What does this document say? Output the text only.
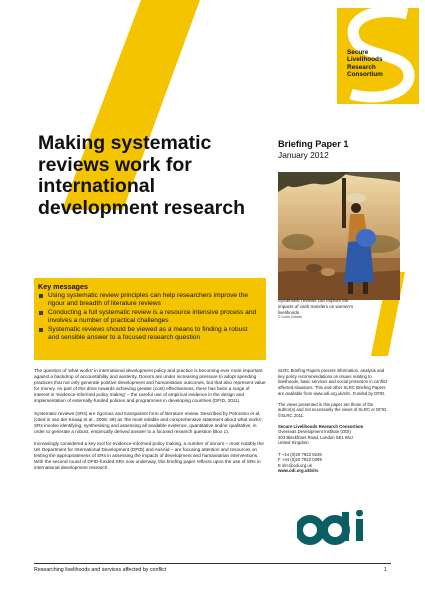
Secure
Livelihoods
Research
Consortium
Making systematic reviews work for international development research
Briefing Paper 1
January 2012
Systematic reviews can explore the impacts of cash transfers on women's livelihoods
© Lucie Coldan
Key messages
Using systematic review principles can help researchers improve the rigour and breadth of literature reviews
Conducting a full systematic review is a resource intensive process and involves a number of practical challenges
Systematic reviews should be viewed as a means to finding a robust and sensible answer to a focused research question

The question of 'what works' in international development policy and practice is becoming ever more important against a backdrop of accountability and austerity. Donors are under increasing pressure to adopt spending practices that not only generate positive development and humanitarian outcomes, but that also represent value for money. As part of this drive towards achieving greater (cost) effectiveness, there has been a surge of interest in 'evidence-informed policy making' – the careful use of empirical evidence in the design and implementation of externally-funded policies and programmes in developing countries (DFID, 2011).

Systematic reviews (SRs) are rigorous and transparent form of literature review. Described by Petrosino et al. (cited in van der Knaap et al., 2008: 49) as 'the most reliable and comprehensive statement about what works', SRs involve identifying, synthesising and assessing all available evidence, quantitative and/or qualitative, in order to generate a robust, empirically derived answer to a focused research question (Box 1).

Increasingly considered a key tool for evidence-informed policy making, a number of donors – most notably the UK Department for International Development (DFID) and AusAid – are focusing attention and resources on testing the appropriateness of SRs in assessing the impacts of development and humanitarian interventions. With the second round of DFID-funded SRs now underway, this briefing paper reflects upon the use of SRs in international development research.

SLRC Briefing Papers present information, analysis and key policy recommendations on issues relating to livelihoods, basic services and social protection in conflict affected situations. This and other SLRC Briefing Papers are available from www.odi.org.uk/slrc. Funded by DFID.

The views presented in this paper are those of the author(s) and not necessarily the views of SLRC or DFID. ©SLRC 2011.

Secure Livelihoods Research Consortium
Overseas Development Institute (ODI)
203 Blackfriars Road, London SE1 8NJ
United Kingdom

T +44 (0)20 7922 8249
F +44 (0)20 7922 0399
E slrc@odi.org.uk
www.odi.org.uk/slrc
Researching livelihoods and services affected by conflict	1
